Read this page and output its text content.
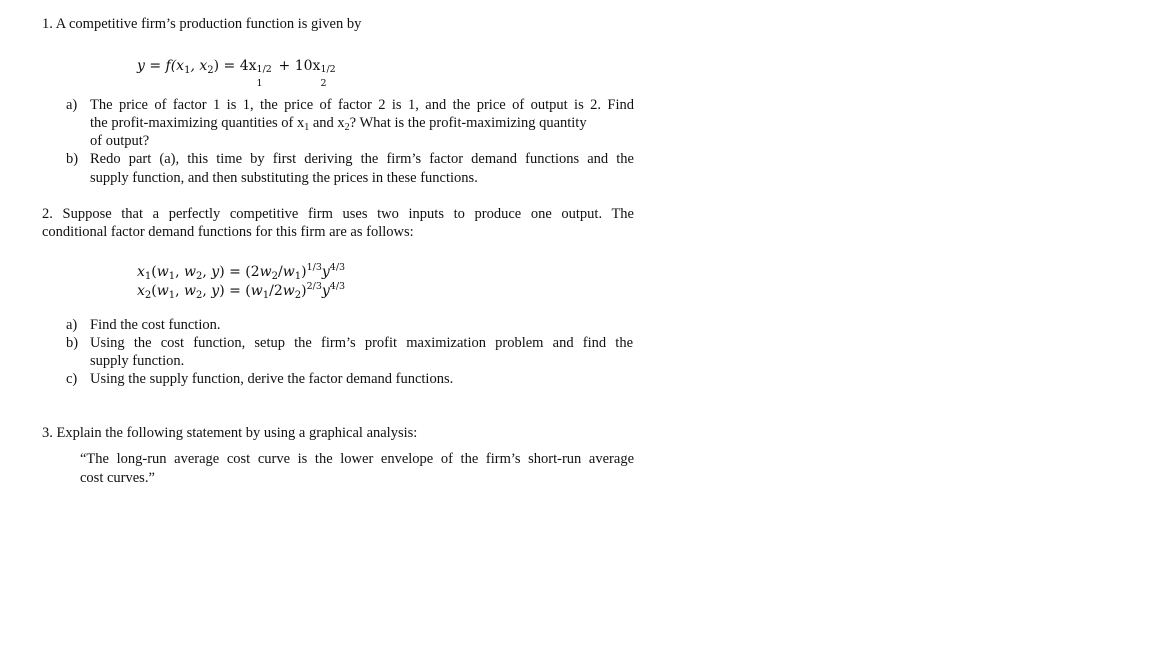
1. A competitive firm’s production function is given by
$y = f(x_1$, $x_2) = 4x$ 1/2
1
+ 10x 1/2
2
a) The price of factor 1 is 1, the price of factor 2 is 1, and the price of output is 2. Find
the profit-maximizing quantities of $x_1$ and $x_2$? What is the profit-maximizing quantity
of output?
b) Redo part (a), this time by first deriving the firm’s factor demand functions and the
supply function, and then substituting the prices in these functions.
2. Suppose that a perfectly competitive firm uses two inputs to produce one output. The
conditional factor demand functions for this firm are as follows:
$x_1(w_1$, $w_2$, $y) = (2w_2/w_1)^{1/3}y^{4/3}$
$x_2(w_1$, $w_2$, $y) = (w_1/2w_2)^{2/3}y^{4/3}$
a) Find the cost function.
b) Using the cost function, setup the firm’s profit maximization problem and find the
supply function.
c) Using the supply function, derive the factor demand functions.
3. Explain the following statement by using a graphical analysis:
“The long-run average cost curve is the lower envelope of the firm’s short-run average
cost curves.”
